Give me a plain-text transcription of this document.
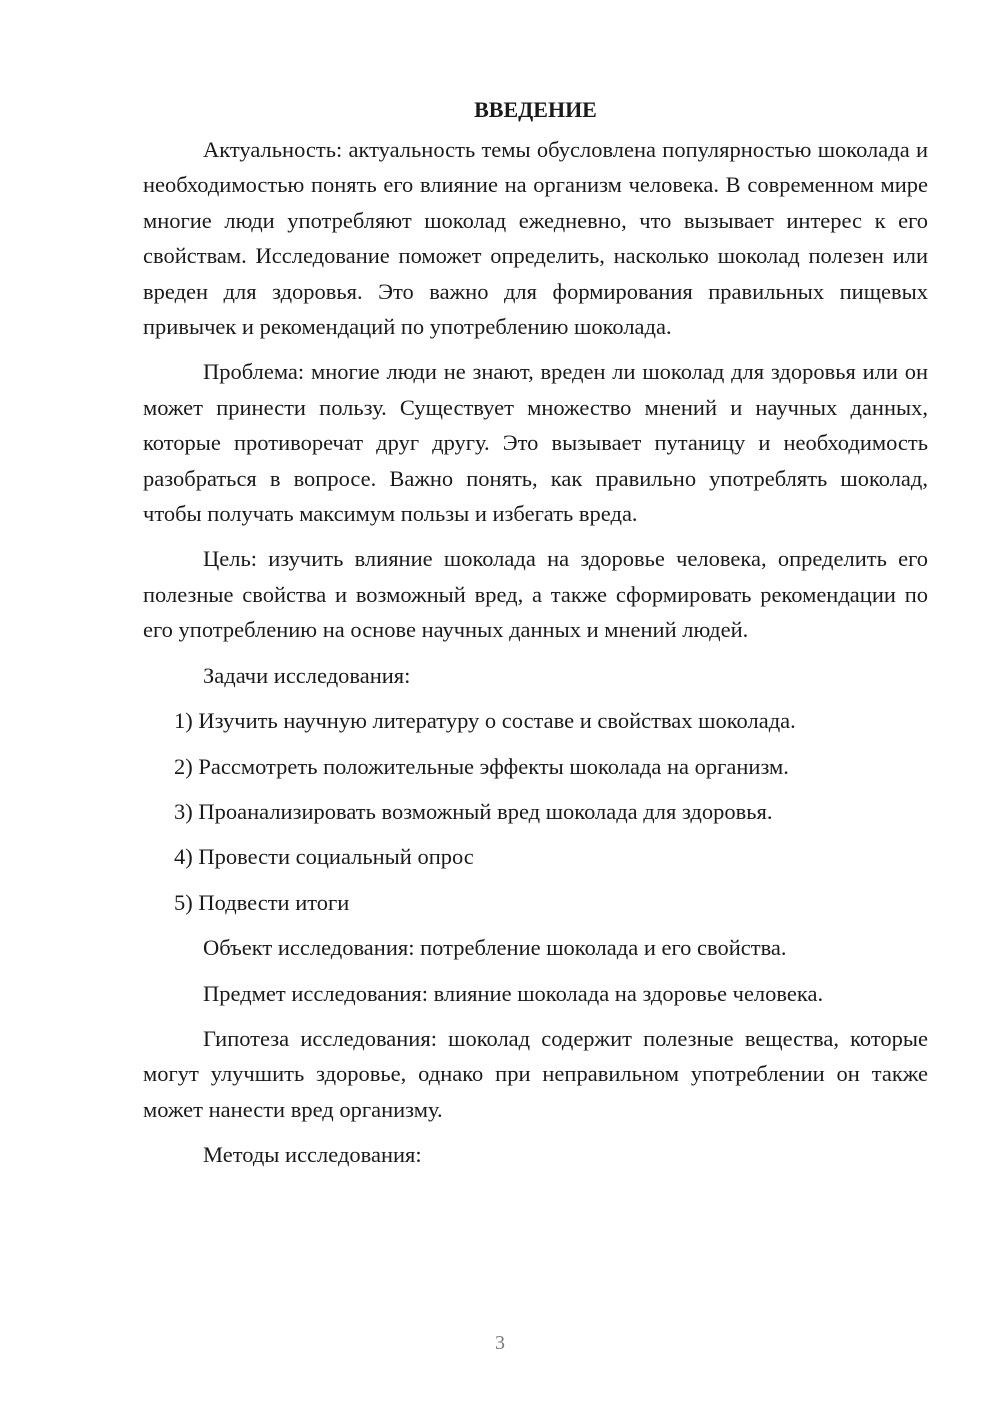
ВВЕДЕНИЕ

Актуальность: актуальность темы обусловлена популярностью шоколада и необходимостью понять его влияние на организм человека. В современном мире многие люди употребляют шоколад ежедневно, что вызывает интерес к его свойствам. Исследование поможет определить, насколько шоколад полезен или вреден для здоровья. Это важно для формирования правильных пищевых привычек и рекомендаций по употреблению шоколада.

Проблема: многие люди не знают, вреден ли шоколад для здоровья или он может принести пользу. Существует множество мнений и научных данных, которые противоречат друг другу. Это вызывает путаницу и необходимость разобраться в вопросе. Важно понять, как правильно употреблять шоколад, чтобы получать максимум пользы и избегать вреда.

Цель: изучить влияние шоколада на здоровье человека, определить его полезные свойства и возможный вред, а также сформировать рекомендации по его употреблению на основе научных данных и мнений людей.

Задачи исследования:

1) Изучить научную литературу о составе и свойствах шоколада.
2) Рассмотреть положительные эффекты шоколада на организм.
3) Проанализировать возможный вред шоколада для здоровья.
4) Провести социальный опрос
5) Подвести итоги

Объект исследования: потребление шоколада и его свойства.

Предмет исследования: влияние шоколада на здоровье человека.

Гипотеза исследования: шоколад содержит полезные вещества, которые могут улучшить здоровье, однако при неправильном употреблении он также может нанести вред организму.

Методы исследования:

3
